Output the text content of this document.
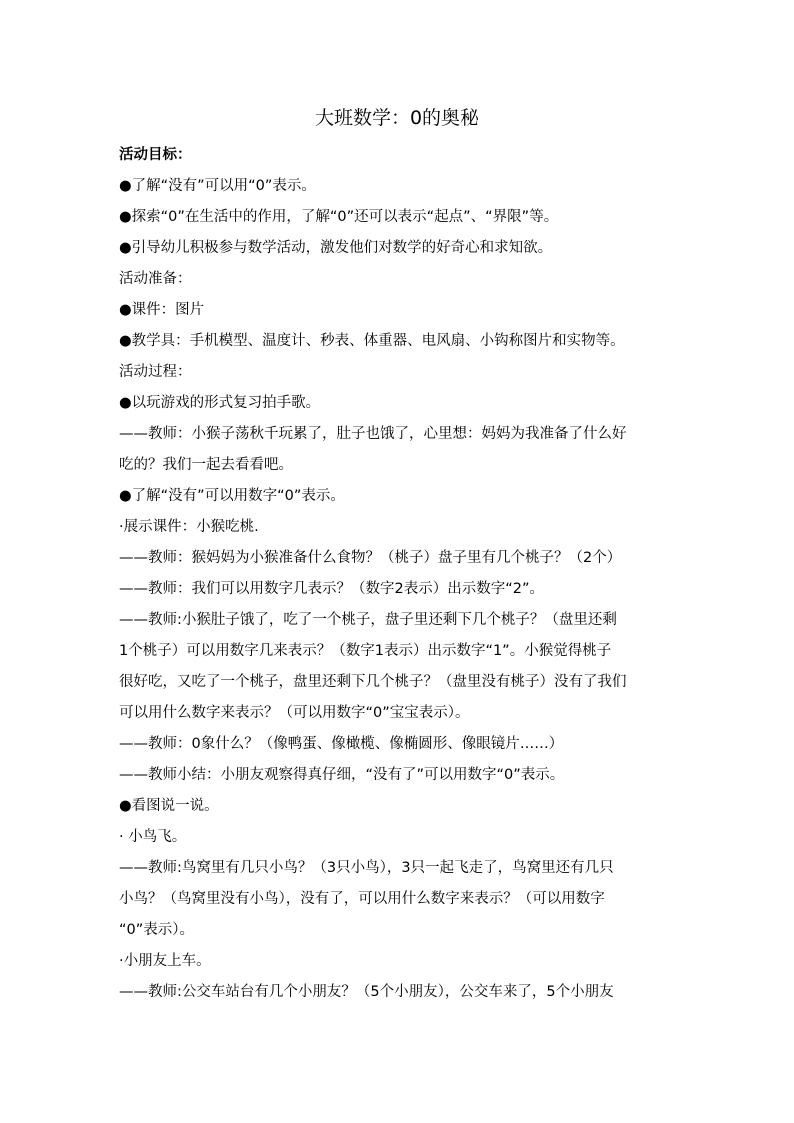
大班数学：0的奥秘
活动目标：
●了解“没有”可以用“0”表示。
●探索“0”在生活中的作用，了解“0”还可以表示“起点”、“界限”等。
●引导幼儿积极参与数学活动，激发他们对数学的好奇心和求知欲。
活动准备：
●课件：图片
●教学具：手机模型、温度计、秒表、体重器、电风扇、小钩称图片和实物等。
活动过程：
●以玩游戏的形式复习拍手歌。
——教师：小猴子荡秋千玩累了，肚子也饿了，心里想：妈妈为我准备了什么好
吃的？我们一起去看看吧。
●了解“没有”可以用数字“0”表示。
·展示课件：小猴吃桃.
——教师：猴妈妈为小猴准备什么食物？（桃子）盘子里有几个桃子？（2个）
——教师：我们可以用数字几表示？（数字2表示）出示数字“2”。
——教师:小猴肚子饿了，吃了一个桃子，盘子里还剩下几个桃子？（盘里还剩
1个桃子）可以用数字几来表示？（数字1表示）出示数字“1”。小猴觉得桃子
很好吃，又吃了一个桃子，盘里还剩下几个桃子？（盘里没有桃子）没有了我们
可以用什么数字来表示？（可以用数字“0”宝宝表示）。
——教师：0象什么？（像鸭蛋、像橄榄、像椭圆形、像眼镜片……）
——教师小结：小朋友观察得真仔细，“没有了”可以用数字“0”表示。
●看图说一说。
· 小鸟飞。
——教师:鸟窝里有几只小鸟？（3只小鸟），3只一起飞走了，鸟窝里还有几只
小鸟？（鸟窝里没有小鸟），没有了，可以用什么数字来表示？（可以用数字
“0”表示）。
·小朋友上车。
——教师:公交车站台有几个小朋友？（5个小朋友），公交车来了，5个小朋友
